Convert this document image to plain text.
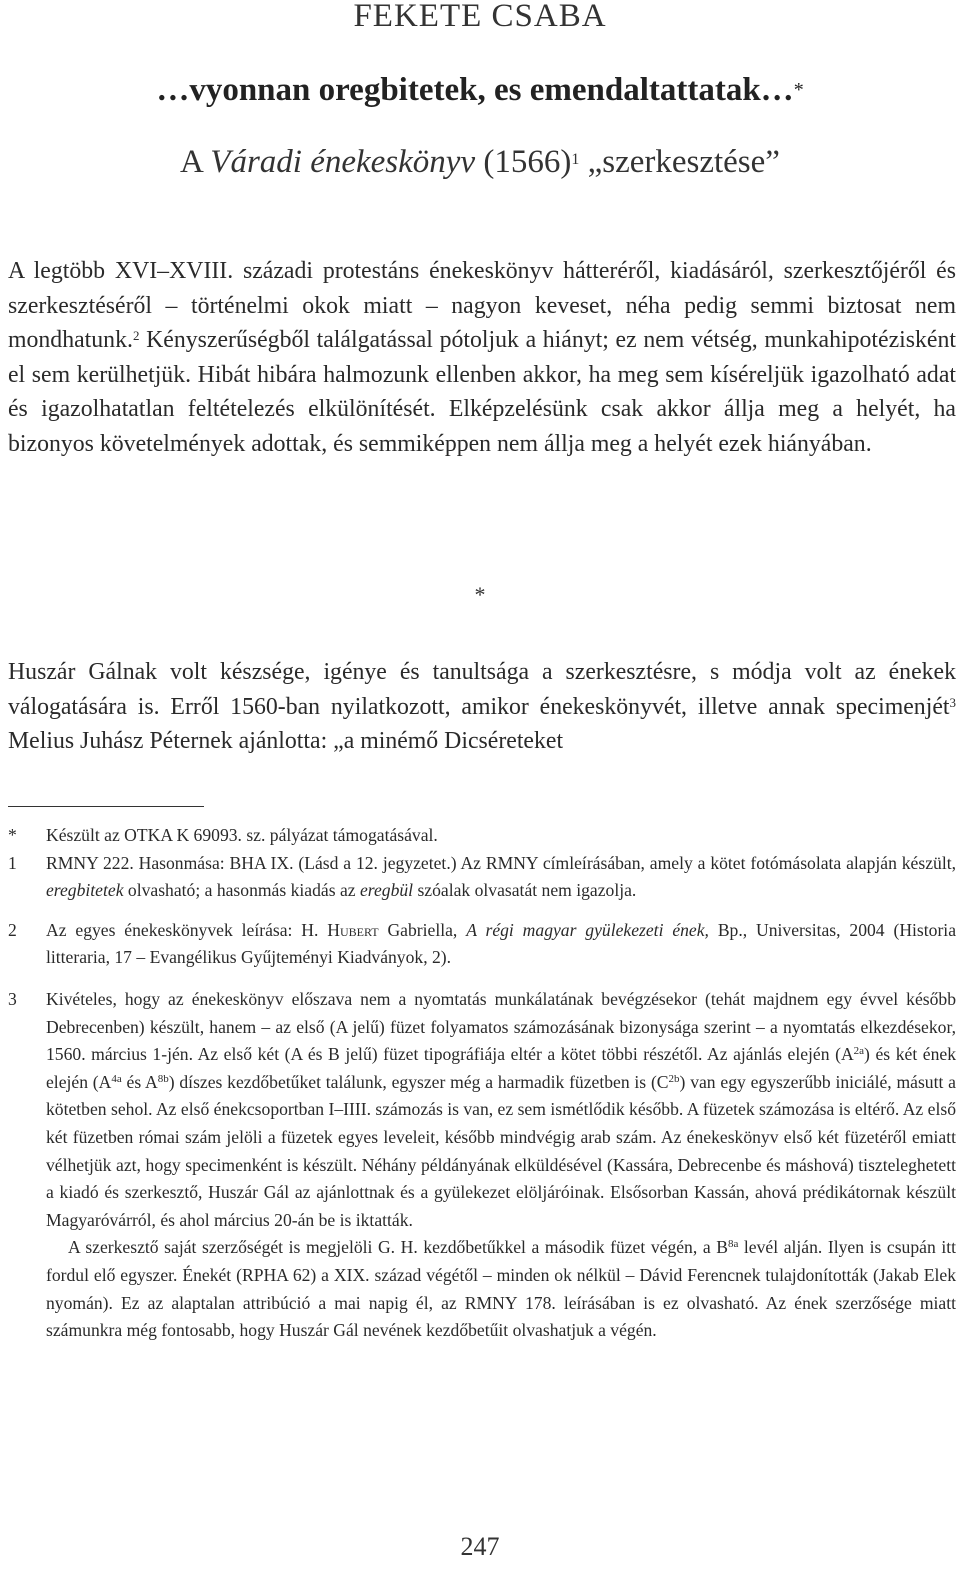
FEKETE CSABA
…vyonnan oregbitetek, es emendaltattatak…*
A Váradi énekeskönyv $(1566)^1$ „szerkesztése”

A legtöbb XVI–XVIII. századi protestáns énekeskönyv hátteréről, kiadásáról, szerkesztőjéről és szerkesztéséről – történelmi okok miatt – nagyon keveset, néha pedig semmi biztosat nem mondhatunk.$^2$ Kényszerűségből találgatással pótoljuk a hiányt; ez nem vétség, munkahipotézisként el sem kerülhetjük. Hibát hibára halmozunk ellenben akkor, ha meg sem kíséreljük igazolható adat és igazolhatatlan feltételezés elkülönítését. Elképzelésünk csak akkor állja meg a helyét, ha bizonyos követelmények adottak, és semmiképpen nem állja meg a helyét ezek hiányában.

*

Huszár Gálnak volt készsége, igénye és tanultsága a szerkesztésre, s módja volt az énekek válogatására is. Erről 1560-ban nyilatkozott, amikor énekeskönyvét, illetve annak specimenjét$^3$ Melius Juhász Péternek ajánlotta: „a minémő Dicséreteket

* Készült az OTKA K 69093. sz. pályázat támogatásával.
1 RMNY 222. Hasonmása: BHA IX. (Lásd a 12. jegyzetet.) Az RMNY címleírásában, amely a kötet fotómásolata alapján készült, eregbitetek olvasható; a hasonmás kiadás az eregbül szóalak olvasatát nem igazolja.
2 Az egyes énekeskönyvek leírása: H. Hubert Gabriella, A régi magyar gyülekezeti ének, Bp., Universitas, 2004 (Historia litteraria, 17 – Evangélikus Gyűjteményi Kiadványok, 2).
3 Kivételes, hogy az énekeskönyv előszava nem a nyomtatás munkálatának bevégzésekor (tehát majdnem egy évvel később Debrecenben) készült, hanem – az első (A jelű) füzet folyamatos számozásának bizonysága szerint – a nyomtatás elkezdésekor, 1560. március 1-jén. Az első két (A és B jelű) füzet tipográfiája eltér a kötet többi részétől. Az ajánlás elején $(A^{2a})$ és két ének elején ($A^{4a}$ és $A^{8b}$) díszes kezdőbetűket találunk, egyszer még a harmadik füzetben is $(C^{2b})$ van egy egyszerűbb iniciálé, másutt a kötetben sehol. Az első énekcsoportban I–IIII. számozás is van, ez sem ismétlődik később. A füzetek számozása is eltérő. Az első két füzetben római szám jelöli a füzetek egyes leveleit, később mindvégig arab szám. Az énekeskönyv első két füzetéről emiatt vélhetjük azt, hogy specimenként is készült. Néhány példányának elküldésével (Kassára, Debrecenbe és máshová) tiszteleghetett a kiadó és szerkesztő, Huszár Gál az ajánlottnak és a gyülekezet elöljáróinak. Elsősorban Kassán, ahová prédikátornak készült Magyaróvárról, és ahol március 20-án be is iktatták.

A szerkesztő saját szerzőségét is megjelöli G. H. kezdőbetűkkel a második füzet végén, a $B^{8a}$ levél alján. Ilyen is csupán itt fordul elő egyszer. Énekét (RPHA 62) a XIX. század végétől – minden ok nélkül – Dávid Ferencnek tulajdonították (Jakab Elek nyomán). Ez az alaptalan attribúció a mai napig él, az RMNY 178. leírásában is ez olvasható. Az ének szerzősége miatt számunkra még fontosabb, hogy Huszár Gál nevének kezdőbetűit olvashatjuk a végén.

247
